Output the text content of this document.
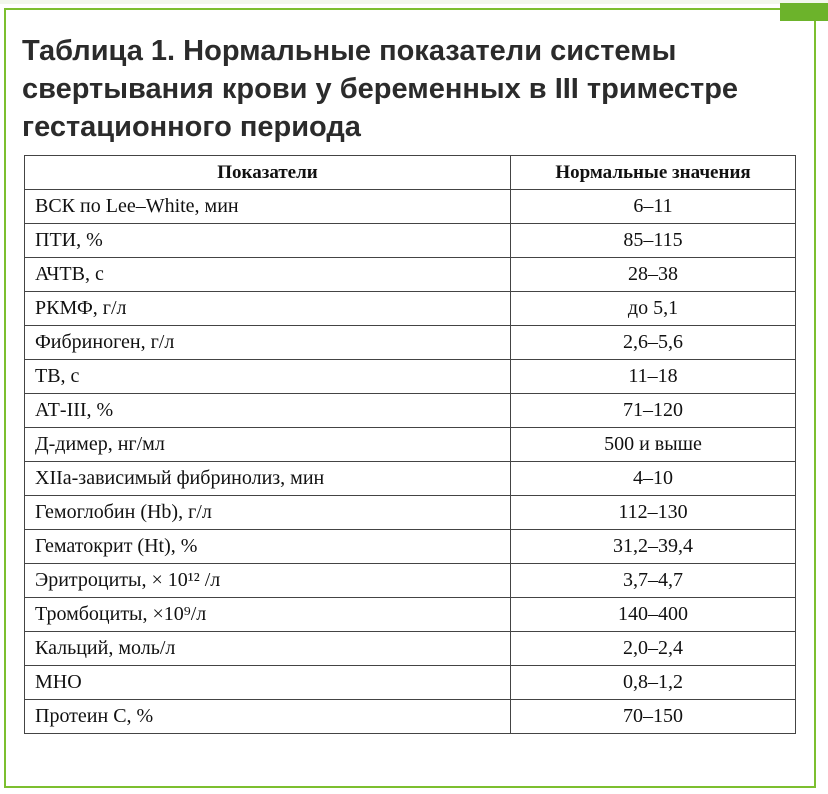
Таблица 1. Нормальные показатели системы свертывания крови у беременных в III триместре гестационного периода
Показатели	Нормальные значения
ВСК по Lee–White, мин	6–11
ПТИ, %	85–115
АЧТВ, с	28–38
РКМФ, г/л	до 5,1
Фибриноген, г/л	2,6–5,6
ТВ, с	11–18
АТ-III, %	71–120
Д-димер, нг/мл	500 и выше
XIIа-зависимый фибринолиз, мин	4–10
Гемоглобин (Hb), г/л	112–130
Гематокрит (Ht), %	31,2–39,4
Эритроциты, × 10¹² /л	3,7–4,7
Тромбоциты, ×10⁹/л	140–400
Кальций, моль/л	2,0–2,4
МНО	0,8–1,2
Протеин С, %	70–150
